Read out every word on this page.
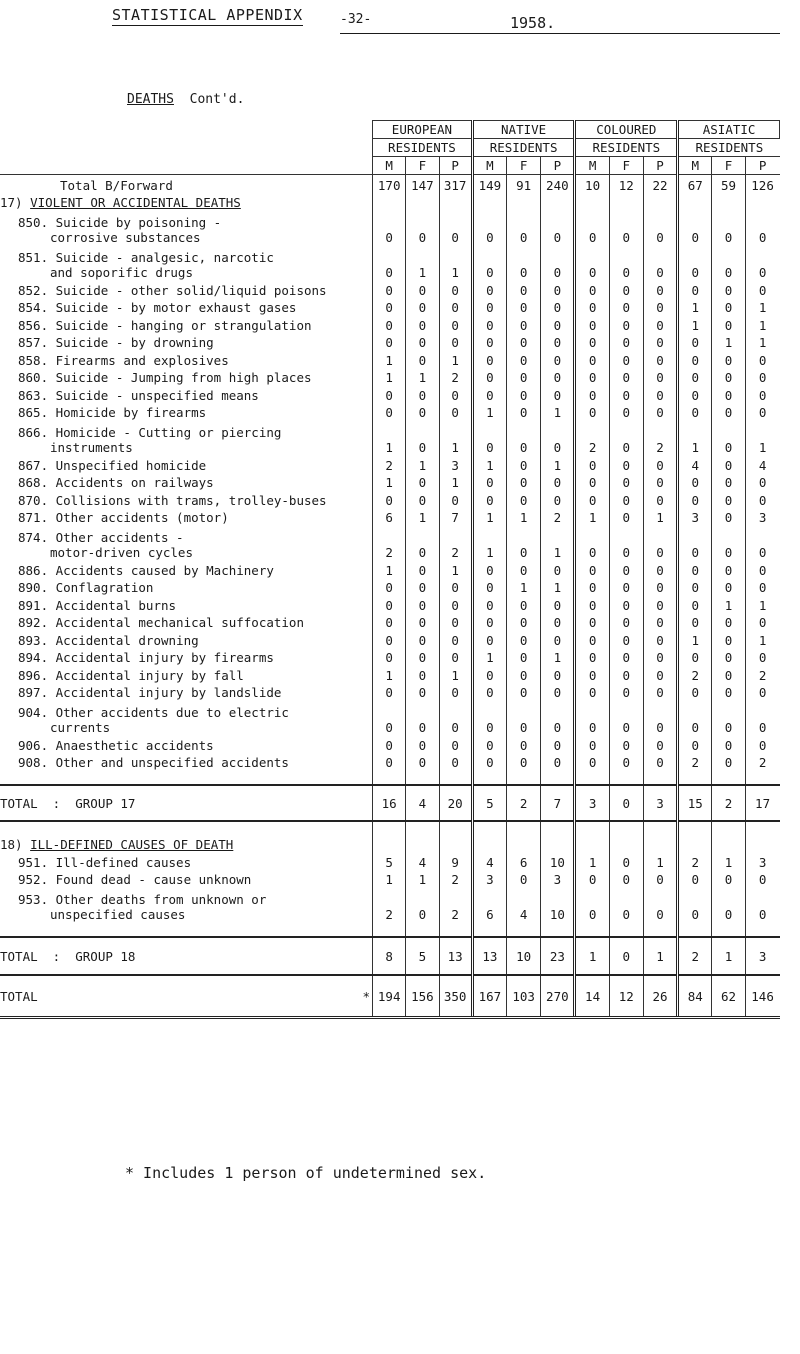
STATISTICAL APPENDIX	-32-	1958.
DEATHS Cont'd.
	EUROPEAN			NATIVE			COLOURED			ASIATIC		
	RESIDENTS			RESIDENTS			RESIDENTS			RESIDENTS		
	M	F	P	M	F	P	M	F	P	M	F	P
Total B/Forward	170	147	317	149	91	240	10	12	22	67	59	126
17) VIOLENT OR ACCIDENTAL DEATHS												
850. Suicide by poisoning -
corrosive substances	0	0	0	0	0	0	0	0	0	0	0	0
851. Suicide - analgesic, narcotic
and soporific drugs	0	1	1	0	0	0	0	0	0	0	0	0
852. Suicide - other solid/liquid poisons	0	0	0	0	0	0	0	0	0	0	0	0
854. Suicide - by motor exhaust gases	0	0	0	0	0	0	0	0	0	1	0	1
856. Suicide - hanging or strangulation	0	0	0	0	0	0	0	0	0	1	0	1
857. Suicide - by drowning	0	0	0	0	0	0	0	0	0	0	1	1
858. Firearms and explosives	1	0	1	0	0	0	0	0	0	0	0	0
860. Suicide - Jumping from high places	1	1	2	0	0	0	0	0	0	0	0	0
863. Suicide - unspecified means	0	0	0	0	0	0	0	0	0	0	0	0
865. Homicide by firearms	0	0	0	1	0	1	0	0	0	0	0	0
866. Homicide - Cutting or piercing
instruments	1	0	1	0	0	0	2	0	2	1	0	1
867. Unspecified homicide	2	1	3	1	0	1	0	0	0	4	0	4
868. Accidents on railways	1	0	1	0	0	0	0	0	0	0	0	0
870. Collisions with trams, trolley-buses	0	0	0	0	0	0	0	0	0	0	0	0
871. Other accidents (motor)	6	1	7	1	1	2	1	0	1	3	0	3
874. Other accidents -
motor-driven cycles	2	0	2	1	0	1	0	0	0	0	0	0
886. Accidents caused by Machinery	1	0	1	0	0	0	0	0	0	0	0	0
890. Conflagration	0	0	0	0	1	1	0	0	0	0	0	0
891. Accidental burns	0	0	0	0	0	0	0	0	0	0	1	1
892. Accidental mechanical suffocation	0	0	0	0	0	0	0	0	0	0	0	0
893. Accidental drowning	0	0	0	0	0	0	0	0	0	1	0	1
894. Accidental injury by firearms	0	0	0	1	0	1	0	0	0	0	0	0
896. Accidental injury by fall	1	0	1	0	0	0	0	0	0	2	0	2
897. Accidental injury by landslide	0	0	0	0	0	0	0	0	0	0	0	0
904. Other accidents due to electric
currents	0	0	0	0	0	0	0	0	0	0	0	0
906. Anaesthetic accidents	0	0	0	0	0	0	0	0	0	0	0	0
908. Other and unspecified accidents	0	0	0	0	0	0	0	0	0	2	0	2

TOTAL  :  GROUP 17	16	4	20	5	2	7	3	0	3	15	2	17
18) ILL-DEFINED CAUSES OF DEATH												
951. Ill-defined causes	5	4	9	4	6	10	1	0	1	2	1	3
952. Found dead - cause unknown	1	1	2	3	0	3	0	0	0	0	0	0
953. Other deaths from unknown or
unspecified causes	2	0	2	6	4	10	0	0	0	0	0	0

TOTAL  :  GROUP 18	8	5	13	13	10	23	1	0	1	2	1	3
TOTAL *	194	156	350	167	103	270	14	12	26	84	62	146
* Includes 1 person of undetermined sex.
